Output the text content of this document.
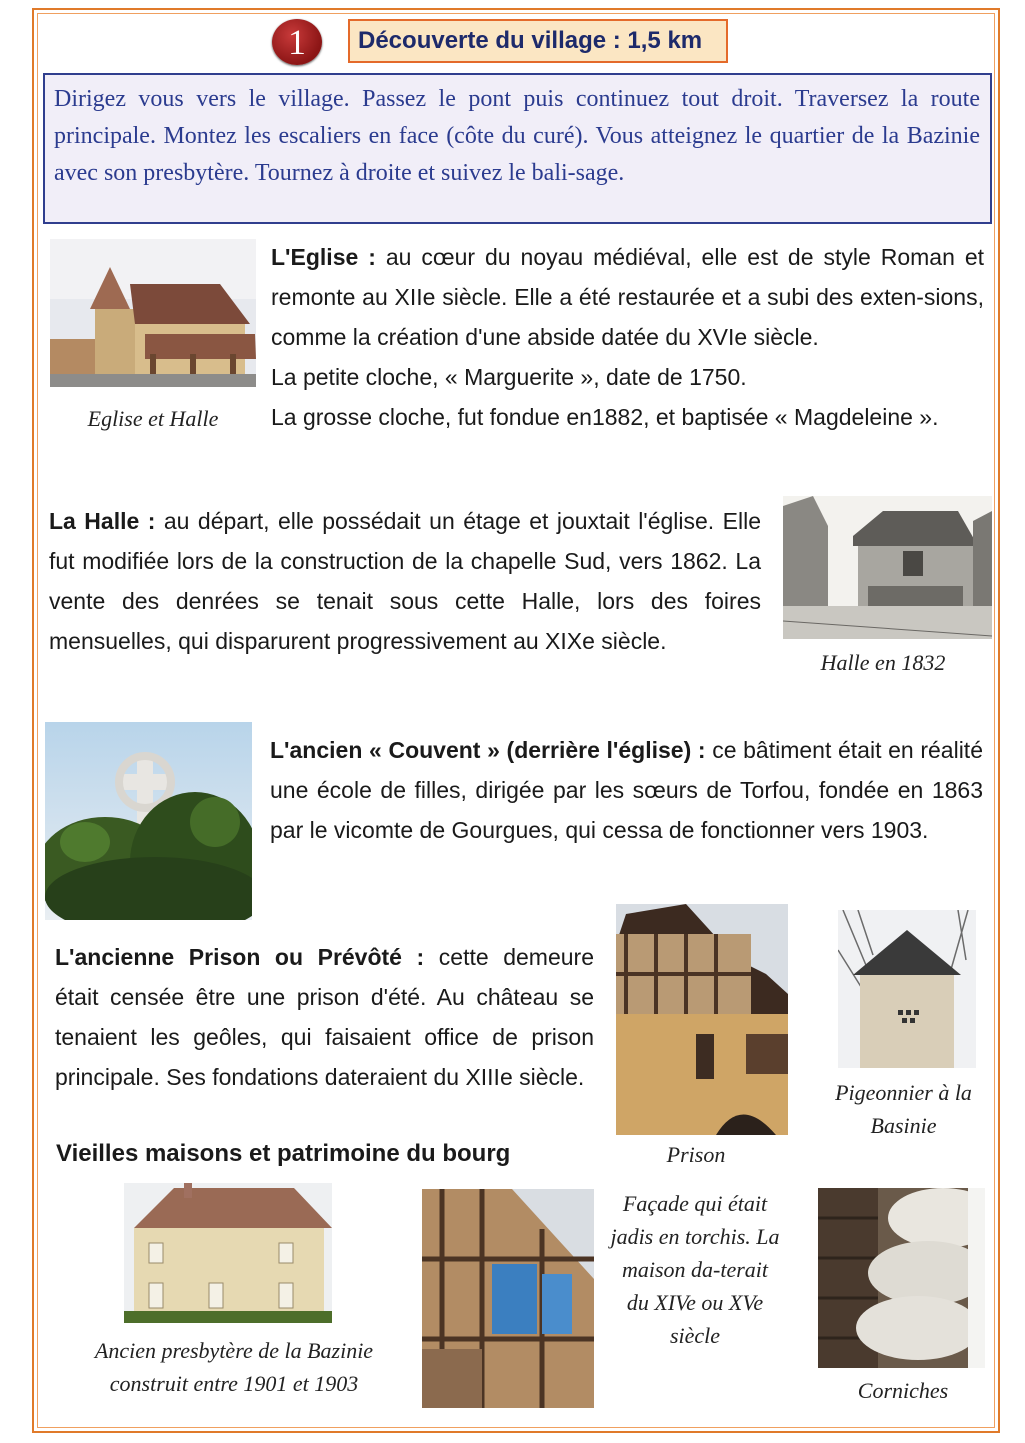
1	Découverte du village : 1,5 km
Dirigez vous vers le village. Passez le pont puis continuez tout droit. Traversez la route principale. Montez les escaliers en face (côte du curé). Vous atteignez le quartier de la Bazinie avec son presbytère. Tournez à droite et suivez le bali-sage.
Eglise et Halle
L'Eglise : au cœur du noyau médiéval, elle est de style Roman et remonte au XIIe siècle. Elle a été restaurée et a subi des exten-sions, comme la création d'une abside datée du XVIe siècle.
La petite cloche, « Marguerite », date de 1750.
La grosse cloche, fut fondue en1882, et baptisée « Magdeleine ».
La Halle : au départ, elle possédait un étage et jouxtait l'église. Elle fut modifiée lors de la construction de la chapelle Sud, vers 1862. La vente des denrées se tenait sous cette Halle, lors des foires mensuelles, qui disparurent progressivement au XIXe siècle.
Halle en 1832
L'ancien « Couvent » (derrière l'église) : ce bâtiment était en réalité une école de filles, dirigée par les sœurs de Torfou, fondée en 1863 par le vicomte de Gourgues, qui cessa de fonctionner vers 1903.
L'ancienne Prison ou Prévôté : cette demeure était censée être une prison d'été. Au château se tenaient les geôles, qui faisaient office de prison principale. Ses fondations dateraient du XIIIe siècle.
Prison
Pigeonnier à la Basinie
Vieilles maisons et patrimoine du bourg
Ancien presbytère de la Bazinie
construit entre 1901 et 1903
Façade qui était jadis en torchis. La maison da-terait du XIVe ou XVe siècle
Corniches
